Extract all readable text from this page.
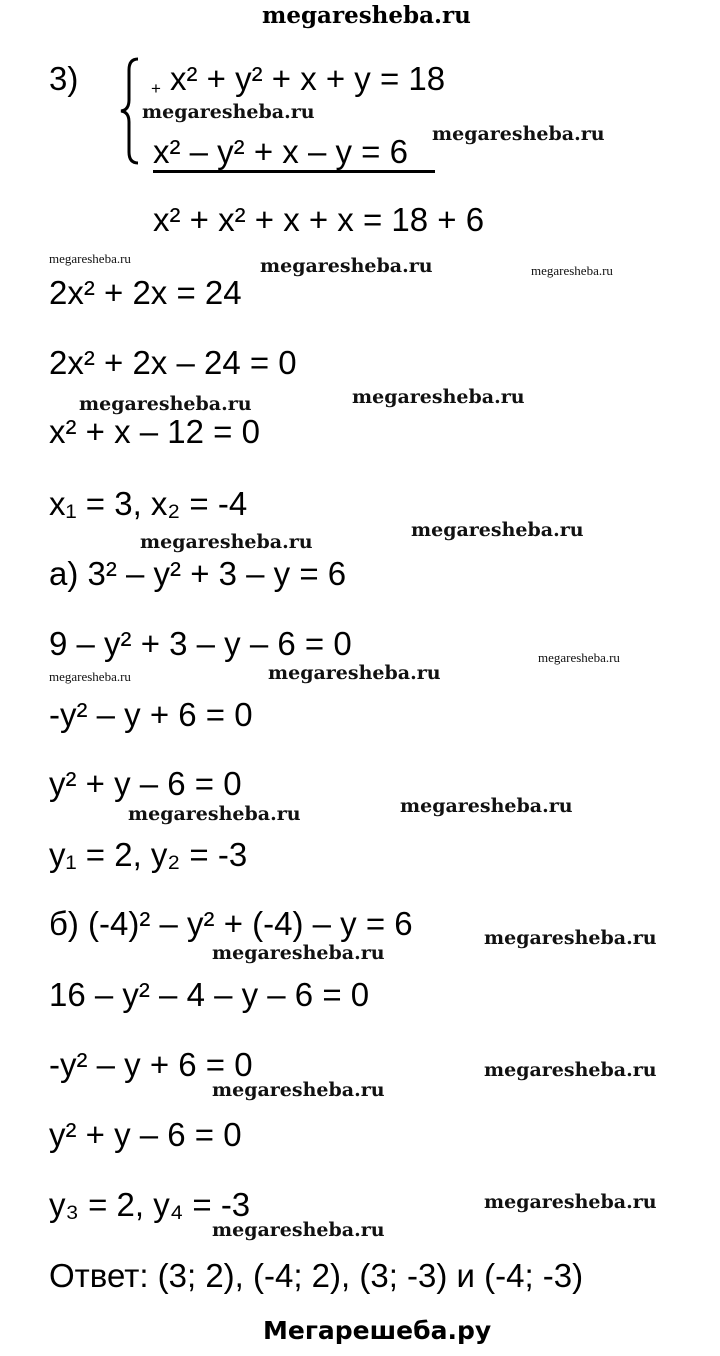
megaresheba.ru
3)	+ x² + y² + x + y = 18
x² – y² + x – y = 6
x² + x² + x + x = 18 + 6
2x² + 2x = 24
2x² + 2x – 24 = 0
x² + x – 12 = 0
x₁ = 3, x₂ = -4
а) 3² – y² + 3 – y = 6
9 – y² + 3 – y – 6 = 0
-y² – y + 6 = 0
y² + y – 6 = 0
y₁ = 2, y₂ = -3
б) (-4)² – y² + (-4) – y = 6
16 – y² – 4 – y – 6 = 0
-y² – y + 6 = 0
y² + y – 6 = 0
y₃ = 2, y₄ = -3
Ответ: (3; 2), (-4; 2), (3; -3) и (-4; -3)
megaresheba.ru
megaresheba.ru
megaresheba.ru	megaresheba.ru	megaresheba.ru
megaresheba.ru
megaresheba.ru
megaresheba.ru
megaresheba.ru
megaresheba.ru
megaresheba.ru	megaresheba.ru
megaresheba.ru
megaresheba.ru
megaresheba.ru
megaresheba.ru
megaresheba.ru
megaresheba.ru
megaresheba.ru
megaresheba.ru
Мегарешеба.ру
